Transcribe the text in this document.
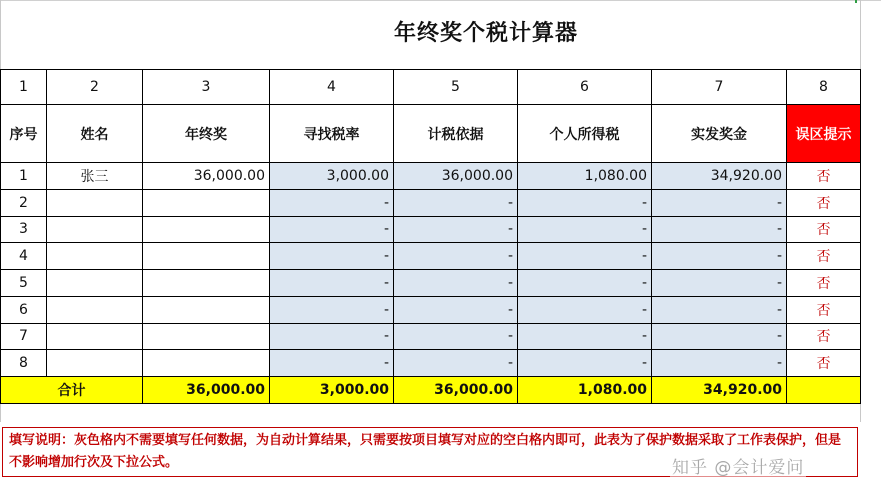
年终奖个税计算器
1	2	3	4	5	6	7	8
序号	姓名	年终奖	寻找税率	计税依据	个人所得税	实发奖金	误区提示
1	张三	36,000.00	3,000.00	36,000.00	1,080.00	34,920.00	否
2			-	-	-	-	否
3			-	-	-	-	否
4			-	-	-	-	否
5			-	-	-	-	否
6			-	-	-	-	否
7			-	-	-	-	否
8			-	-	-	-	否
合计		36,000.00	3,000.00	36,000.00	1,080.00	34,920.00	
填写说明：灰色格内不需要填写任何数据，为自动计算结果，只需要按项目填写对应的空白格内即可，此表为了保护数据采取了工作表保护，但是不影响增加行次及下拉公式。	知乎 @会计爱问
